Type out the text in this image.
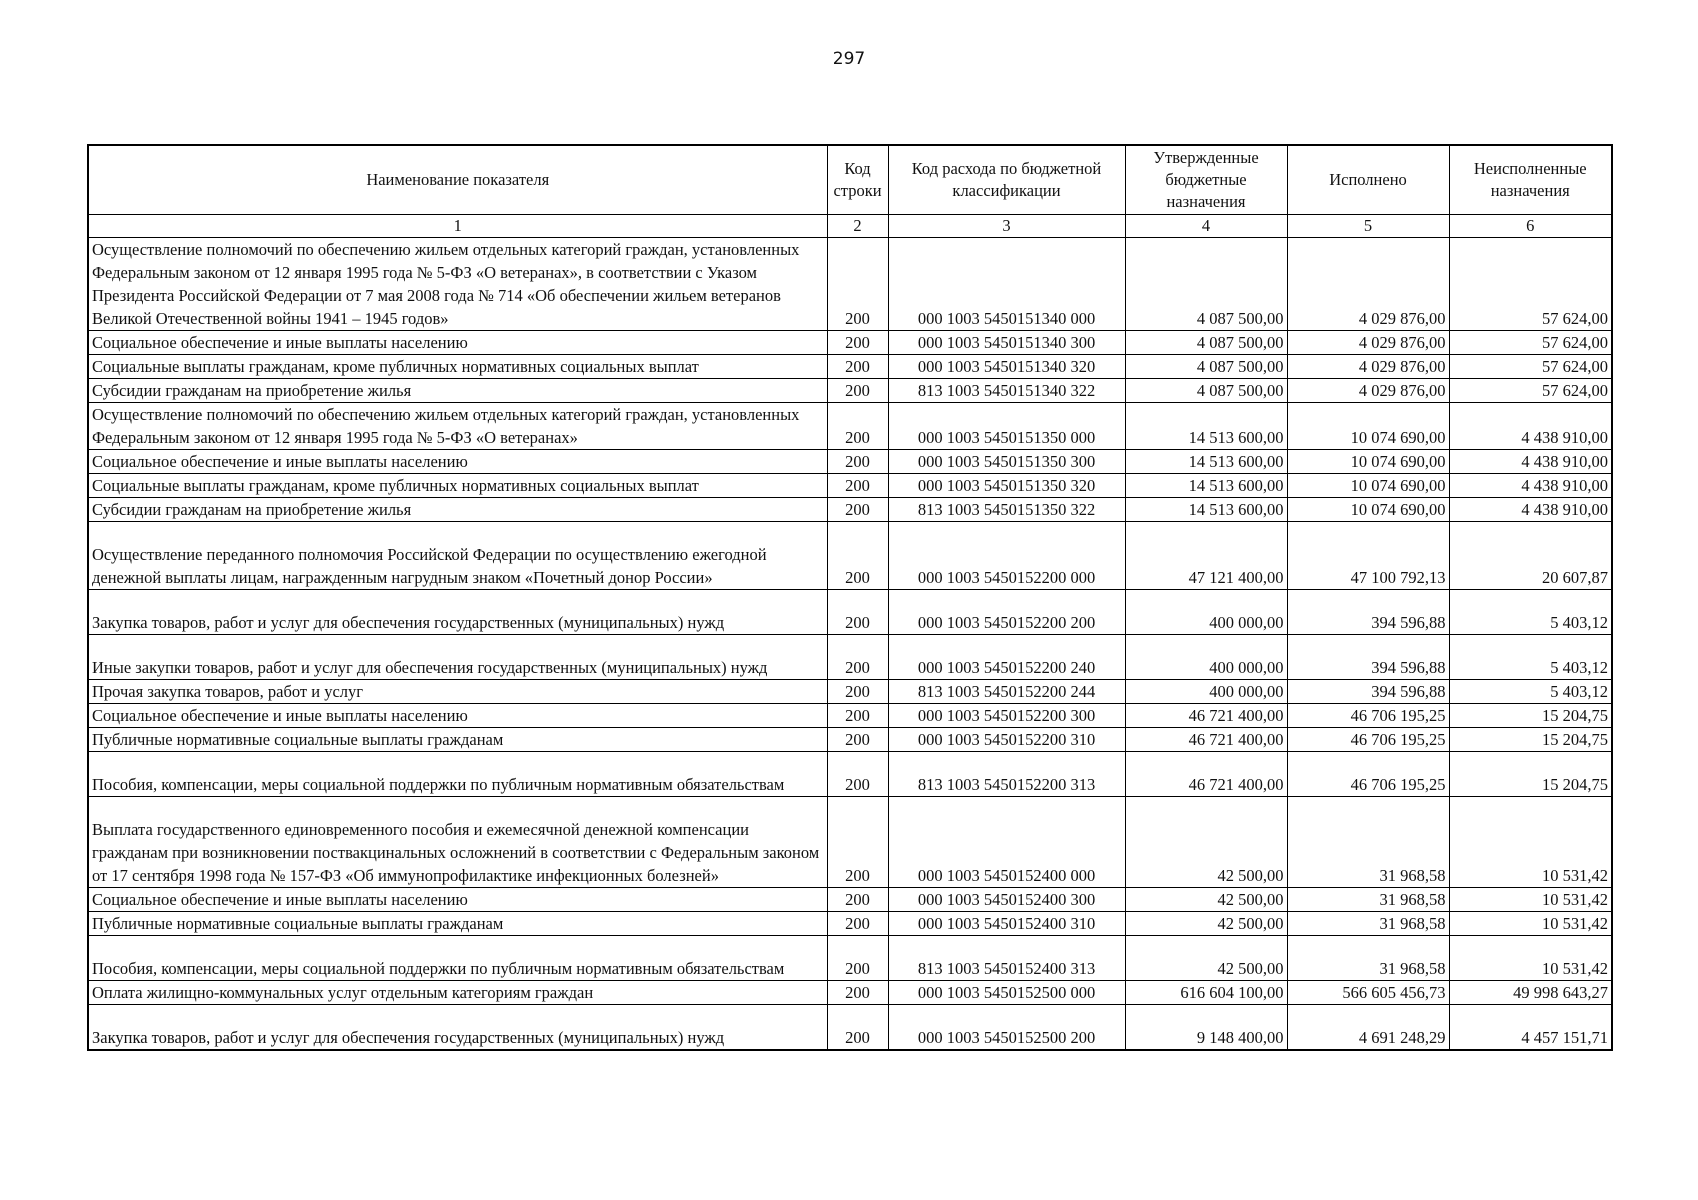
297
Наименование показателя	Код строки	Код расхода по бюджетной классификации	Утвержденные бюджетные назначения	Исполнено	Неисполненные назначения
1	2	3	4	5	6
Осуществление полномочий по обеспечению жильем отдельных категорий граждан, установленных Федеральным законом от 12 января 1995 года № 5-ФЗ «О ветеранах», в соответствии с Указом Президента Российской Федерации от 7 мая 2008 года № 714 «Об обеспечении жильем ветеранов Великой Отечественной войны 1941 – 1945 годов»	200	000 1003 5450151340 000	4 087 500,00	4 029 876,00	57 624,00
Социальное обеспечение и иные выплаты населению	200	000 1003 5450151340 300	4 087 500,00	4 029 876,00	57 624,00
Социальные выплаты гражданам, кроме публичных нормативных социальных выплат	200	000 1003 5450151340 320	4 087 500,00	4 029 876,00	57 624,00
Субсидии гражданам на приобретение жилья	200	813 1003 5450151340 322	4 087 500,00	4 029 876,00	57 624,00
Осуществление полномочий по обеспечению жильем отдельных категорий граждан, установленных Федеральным законом от 12 января 1995 года № 5-ФЗ «О ветеранах»	200	000 1003 5450151350 000	14 513 600,00	10 074 690,00	4 438 910,00
Социальное обеспечение и иные выплаты населению	200	000 1003 5450151350 300	14 513 600,00	10 074 690,00	4 438 910,00
Социальные выплаты гражданам, кроме публичных нормативных социальных выплат	200	000 1003 5450151350 320	14 513 600,00	10 074 690,00	4 438 910,00
Субсидии гражданам на приобретение жилья	200	813 1003 5450151350 322	14 513 600,00	10 074 690,00	4 438 910,00
Осуществление переданного полномочия Российской Федерации по осуществлению ежегодной денежной выплаты лицам, награжденным нагрудным знаком «Почетный донор России»	200	000 1003 5450152200 000	47 121 400,00	47 100 792,13	20 607,87
Закупка товаров, работ и услуг для обеспечения государственных (муниципальных) нужд	200	000 1003 5450152200 200	400 000,00	394 596,88	5 403,12
Иные закупки товаров, работ и услуг для обеспечения государственных (муниципальных) нужд	200	000 1003 5450152200 240	400 000,00	394 596,88	5 403,12
Прочая закупка товаров, работ и услуг	200	813 1003 5450152200 244	400 000,00	394 596,88	5 403,12
Социальное обеспечение и иные выплаты населению	200	000 1003 5450152200 300	46 721 400,00	46 706 195,25	15 204,75
Публичные нормативные социальные выплаты гражданам	200	000 1003 5450152200 310	46 721 400,00	46 706 195,25	15 204,75
Пособия, компенсации, меры социальной поддержки по публичным нормативным обязательствам	200	813 1003 5450152200 313	46 721 400,00	46 706 195,25	15 204,75
Выплата государственного единовременного пособия и ежемесячной денежной компенсации гражданам при возникновении поствакцинальных осложнений в соответствии с Федеральным законом от 17 сентября 1998 года № 157-ФЗ «Об иммунопрофилактике инфекционных болезней»	200	000 1003 5450152400 000	42 500,00	31 968,58	10 531,42
Социальное обеспечение и иные выплаты населению	200	000 1003 5450152400 300	42 500,00	31 968,58	10 531,42
Публичные нормативные социальные выплаты гражданам	200	000 1003 5450152400 310	42 500,00	31 968,58	10 531,42
Пособия, компенсации, меры социальной поддержки по публичным нормативным обязательствам	200	813 1003 5450152400 313	42 500,00	31 968,58	10 531,42
Оплата жилищно-коммунальных услуг отдельным категориям граждан	200	000 1003 5450152500 000	616 604 100,00	566 605 456,73	49 998 643,27
Закупка товаров, работ и услуг для обеспечения государственных (муниципальных) нужд	200	000 1003 5450152500 200	9 148 400,00	4 691 248,29	4 457 151,71
